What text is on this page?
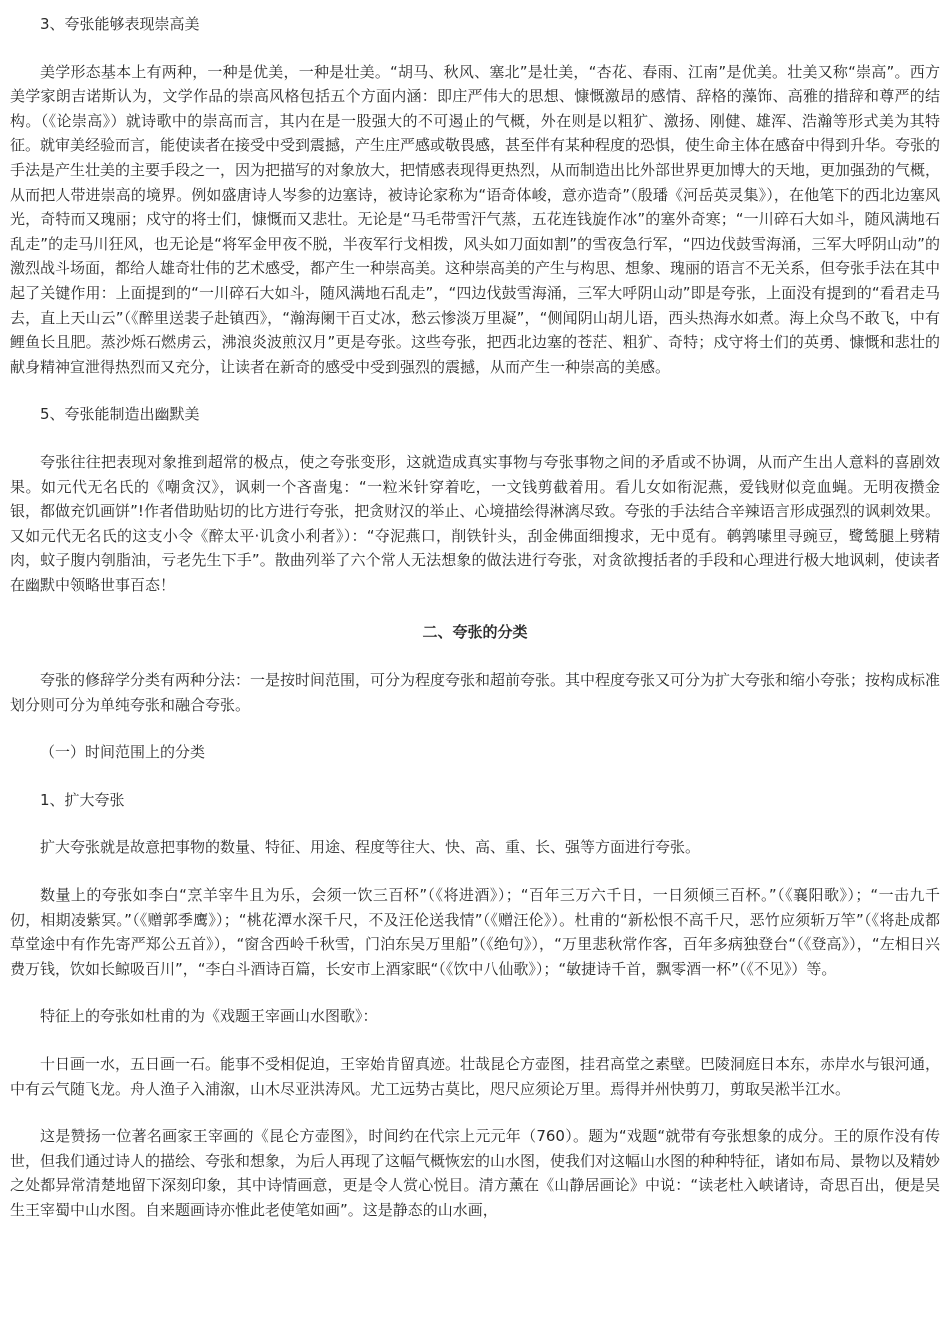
3、夸张能够表现崇高美

美学形态基本上有两种，一种是优美，一种是壮美。“胡马、秋风、塞北”是壮美，“杏花、春雨、江南”是优美。壮美又称“崇高”。西方美学家朗吉诺斯认为，文学作品的崇高风格包括五个方面内涵：即庄严伟大的思想、慷慨激昂的感情、辞格的藻饰、高雅的措辞和尊严的结构。（《论崇高》）就诗歌中的崇高而言，其内在是一股强大的不可遏止的气概，外在则是以粗犷、激扬、刚健、雄浑、浩瀚等形式美为其特征。就审美经验而言，能使读者在接受中受到震撼，产生庄严感或敬畏感，甚至伴有某种程度的恐惧，使生命主体在感奋中得到升华。夸张的手法是产生壮美的主要手段之一，因为把描写的对象放大，把情感表现得更热烈，从而制造出比外部世界更加博大的天地，更加强劲的气概，从而把人带进崇高的境界。例如盛唐诗人岑参的边塞诗，被诗论家称为“语奇体峻，意亦造奇”（殷璠《河岳英灵集》），在他笔下的西北边塞风光，奇特而又瑰丽；戍守的将士们，慷慨而又悲壮。无论是“马毛带雪汗气蒸，五花连钱旋作冰”的塞外奇寒；“一川碎石大如斗，随风满地石乱走”的走马川狂风，也无论是“将军金甲夜不脱，半夜军行戈相拨，风头如刀面如割”的雪夜急行军，“四边伐鼓雪海涌，三军大呼阴山动”的激烈战斗场面，都给人雄奇壮伟的艺术感受，都产生一种崇高美。这种崇高美的产生与构思、想象、瑰丽的语言不无关系，但夸张手法在其中起了关键作用：上面提到的“一川碎石大如斗，随风满地石乱走”，“四边伐鼓雪海涌，三军大呼阴山动”即是夸张，上面没有提到的“看君走马去，直上天山云”（《醉里送裴子赴镇西》，“瀚海阑干百丈冰，愁云惨淡万里凝”，“侧闻阴山胡儿语，西头热海水如煮。海上众鸟不敢飞，中有鲤鱼长且肥。蒸沙烁石燃虏云，沸浪炎波煎汉月”更是夸张。这些夸张，把西北边塞的苍茫、粗犷、奇特；戍守将士们的英勇、慷慨和悲壮的献身精神宣泄得热烈而又充分，让读者在新奇的感受中受到强烈的震撼，从而产生一种崇高的美感。

5、夸张能制造出幽默美

夸张往往把表现对象推到超常的极点，使之夸张变形，这就造成真实事物与夸张事物之间的矛盾或不协调，从而产生出人意料的喜剧效果。如元代无名氏的《嘲贪汉》，讽刺一个吝啬鬼：“一粒米针穿着吃，一文钱剪截着用。看儿女如衔泥燕，爱钱财似竞血蝇。无明夜攒金银，都做充饥画饼”!作者借助贴切的比方进行夸张，把贪财汉的举止、心境描绘得淋漓尽致。夸张的手法结合辛辣语言形成强烈的讽刺效果。又如元代无名氏的这支小令《醉太平·讥贪小利者》）：“夺泥燕口，削铁针头，刮金佛面细搜求，无中觅有。鹌鹑嗉里寻豌豆，鹭鸶腿上劈精肉，蚊子腹内刳脂油，亏老先生下手”。散曲列举了六个常人无法想象的做法进行夸张，对贪欲搜括者的手段和心理进行极大地讽刺，使读者在幽默中领略世事百态！

二、夸张的分类

夸张的修辞学分类有两种分法：一是按时间范围，可分为程度夸张和超前夸张。其中程度夸张又可分为扩大夸张和缩小夸张；按构成标准划分则可分为单纯夸张和融合夸张。

（一）时间范围上的分类

1、扩大夸张

扩大夸张就是故意把事物的数量、特征、用途、程度等往大、快、高、重、长、强等方面进行夸张。

数量上的夸张如李白“烹羊宰牛且为乐，会须一饮三百杯”（《将进酒》）；“百年三万六千日，一日须倾三百杯。”（《襄阳歌》）；“一击九千仞，相期凌紫冥。”（《赠郭季鹰》）；“桃花潭水深千尺，不及汪伦送我情”（《赠汪伦》）。杜甫的“新松恨不高千尺，恶竹应须斩万竿”（《将赴成都草堂途中有作先寄严郑公五首》），“窗含西岭千秋雪，门泊东吴万里船”（《绝句》），“万里悲秋常作客，百年多病独登台“（《登高》），“左相日兴费万钱，饮如长鲸吸百川”，“李白斗酒诗百篇，长安市上酒家眠“（《饮中八仙歌》）；“敏捷诗千首，飘零酒一杯”（《不见》）等。

特征上的夸张如杜甫的为《戏题王宰画山水图歌》：

十日画一水，五日画一石。能事不受相促迫，王宰始肯留真迹。壮哉昆仑方壶图，挂君高堂之素壁。巴陵洞庭日本东，赤岸水与银河通，中有云气随飞龙。舟人渔子入浦溆，山木尽亚洪涛风。尤工远势古莫比，咫尺应须论万里。焉得并州快剪刀，剪取吴淞半江水。

这是赞扬一位著名画家王宰画的《昆仑方壶图》，时间约在代宗上元元年（760）。题为“戏题“就带有夸张想象的成分。王的原作没有传世，但我们通过诗人的描绘、夸张和想象，为后人再现了这幅气概恢宏的山水图，使我们对这幅山水图的种种特征，诸如布局、景物以及精妙之处都异常清楚地留下深刻印象，其中诗情画意，更是令人赏心悦目。清方薰在《山静居画论》中说：“读老杜入峡诸诗，奇思百出，便是吴生王宰蜀中山水图。自来题画诗亦惟此老使笔如画”。这是静态的山水画，
